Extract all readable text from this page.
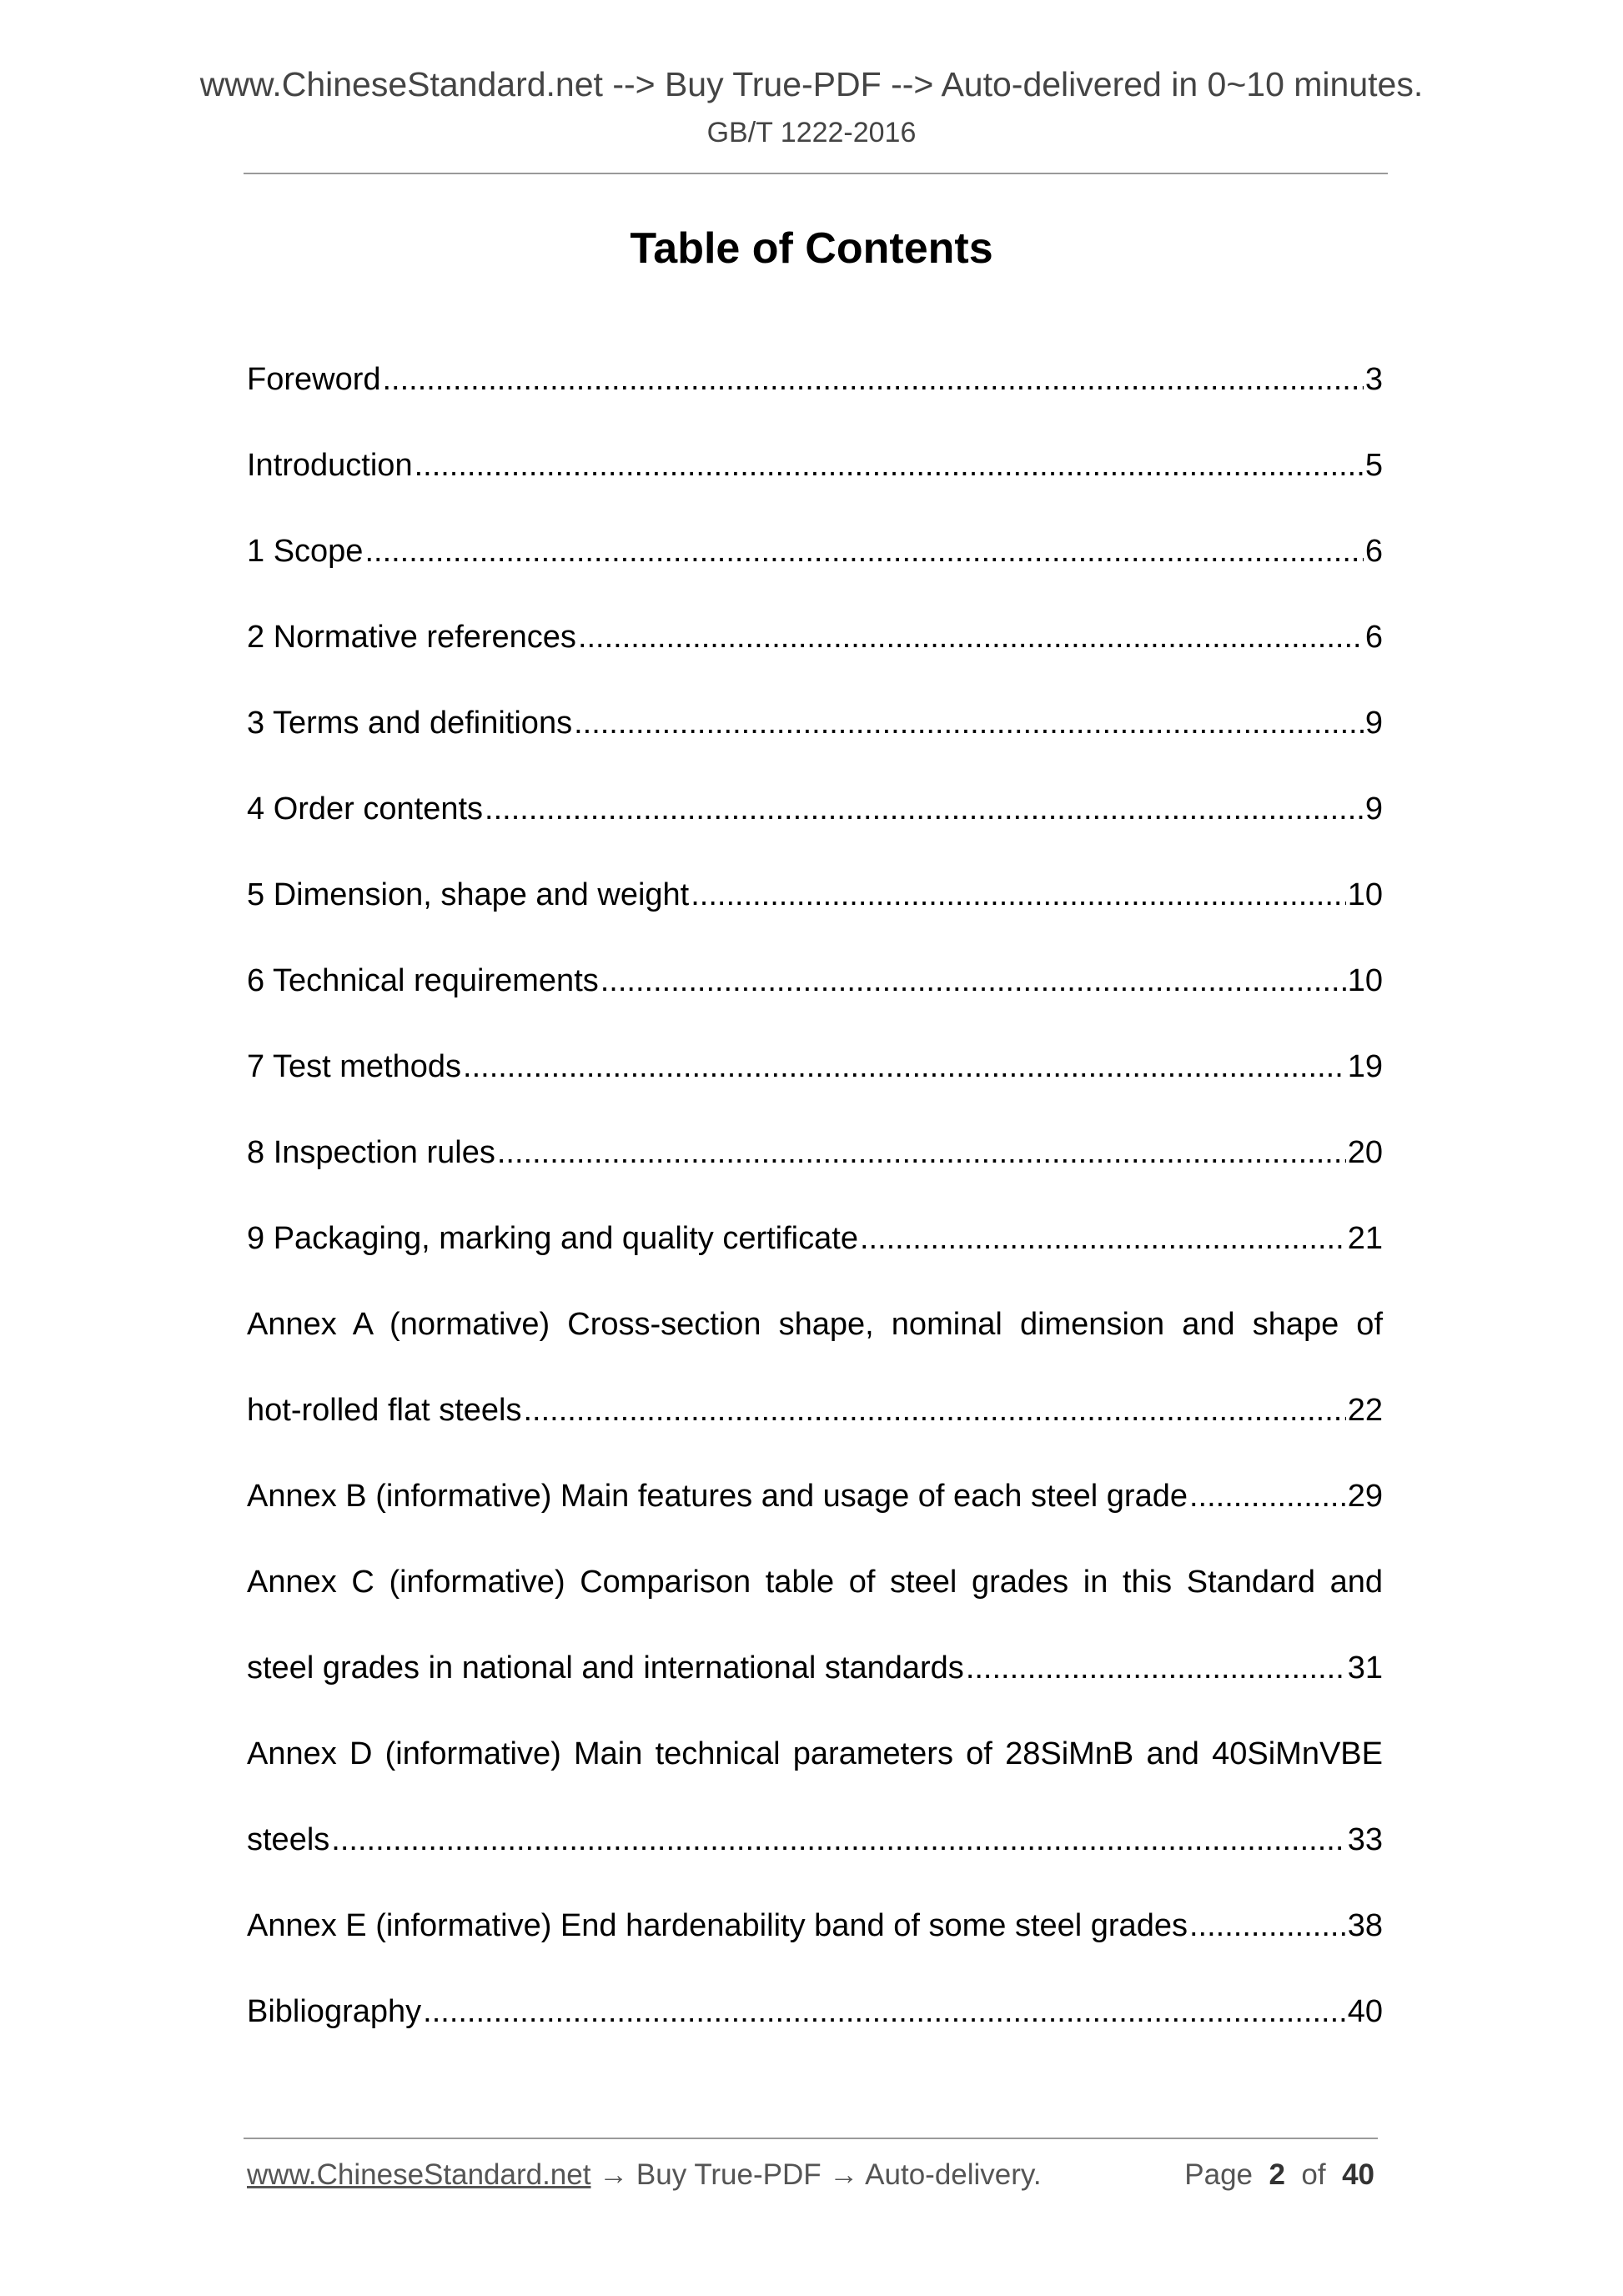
www.ChineseStandard.net --> Buy True-PDF --> Auto-delivered in 0~10 minutes.
GB/T 1222-2016
Table of Contents
Foreword .....	3
Introduction .....	5
1 Scope .....	6
2 Normative references .....	6
3 Terms and definitions .....	9
4 Order contents .....	9
5 Dimension, shape and weight .....	10
6 Technical requirements .....	10
7 Test methods .....	19
8 Inspection rules .....	20
9 Packaging, marking and quality certificate .....	21
Annex A (normative) Cross-section shape, nominal dimension and shape of
hot-rolled flat steels .....	22
Annex B (informative) Main features and usage of each steel grade .....	29
Annex C (informative) Comparison table of steel grades in this Standard and
steel grades in national and international standards .....	31
Annex D (informative) Main technical parameters of 28SiMnB and 40SiMnVBE
steels .....	33
Annex E (informative) End hardenability band of some steel grades .....	38
Bibliography .....	40
www.ChineseStandard.net → Buy True-PDF → Auto-delivery.	Page 2 of 40
